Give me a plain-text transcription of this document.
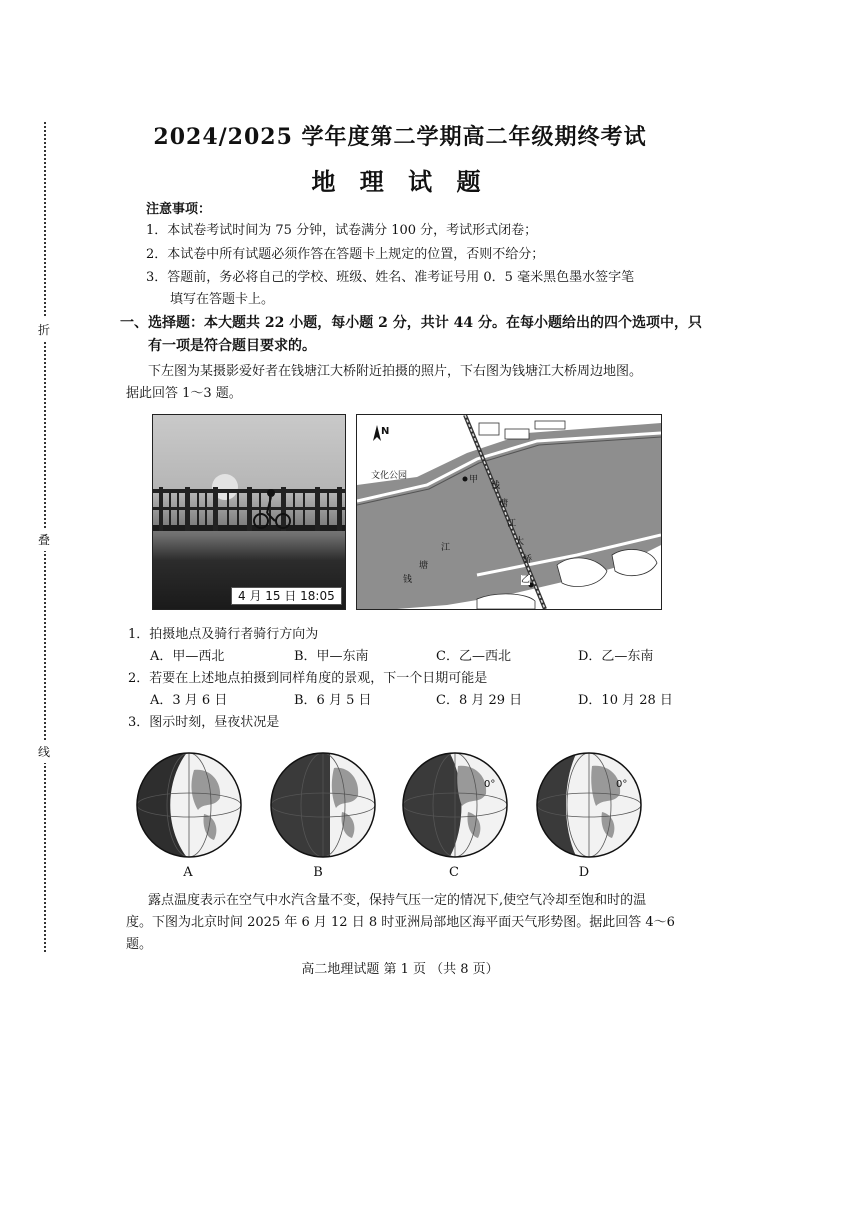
折
叠
线
2024/2025 学年度第二学期高二年级期终考试
地 理 试 题
注意事项：
1．本试卷考试时间为 75 分钟，试卷满分 100 分，考试形式闭卷；
2．本试卷中所有试题必须作答在答题卡上规定的位置，否则不给分；
3．答题前，务必将自己的学校、班级、姓名、准考证号用 0．5 毫米黑色墨水签字笔
填写在答题卡上。
一、选择题：本大题共 22 小题，每小题 2 分，共计 44 分。在每小题给出的四个选项中，只
有一项是符合题目要求的。
下左图为某摄影爱好者在钱塘江大桥附近拍摄的照片，下右图为钱塘江大桥周边地图。
据此回答 1～3 题。
4 月 15 日 18:05
N
文化公园
钱
塘
江
大
桥
江
塘
钱
甲
乙
1．拍摄地点及骑行者骑行方向为
A．甲—西北	B．甲—东南	C．乙—西北	D．乙—东南
2．若要在上述地点拍摄到同样角度的景观，下一个日期可能是
A．3 月 6 日	B．6 月 5 日	C．8 月 29 日	D．10 月 28 日
3．图示时刻，昼夜状况是
0°	0°
A	B	C	D
露点温度表示在空气中水汽含量不变，保持气压一定的情况下,使空气冷却至饱和时的温
度。下图为北京时间 2025 年 6 月 12 日 8 时亚洲局部地区海平面天气形势图。据此回答 4～6
题。
高二地理试题 第 1 页 （共 8 页）
